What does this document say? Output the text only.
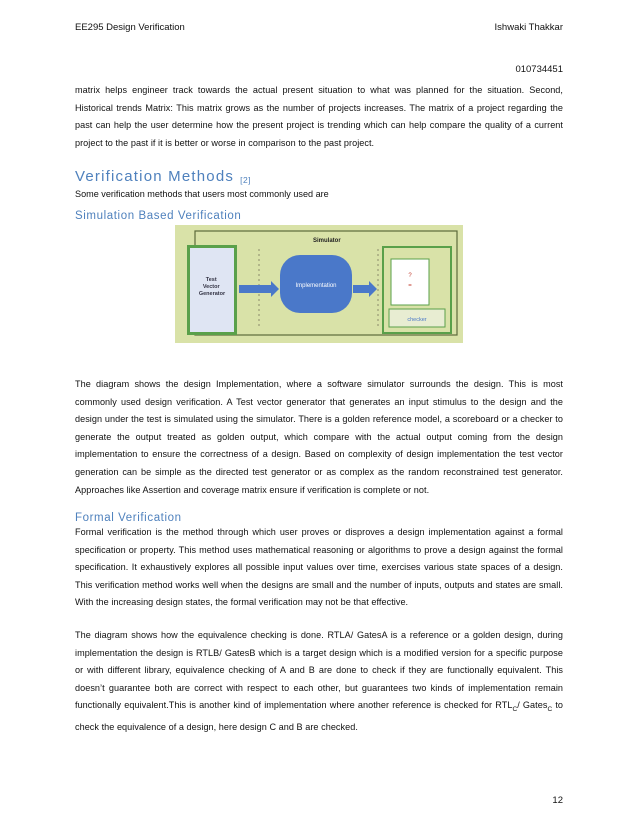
EE295 Design Verification	Ishwaki Thakkar
010734451
matrix helps engineer track towards the actual present situation to what was planned for the situation. Second, Historical trends Matrix: This matrix grows as the number of projects increases. The matrix of a project regarding the past can help the user determine how the present project is trending which can help compare the quality of a current project to the past if it is better or worse in comparison to the past project.
Verification Methods [2]
Some verification methods that users most commonly used are
Simulation Based Verification
Simulator
Test Vector Generator
Implementation
?
=
checker
The diagram shows the design Implementation, where a software simulator surrounds the design. This is most commonly used design verification. A Test vector generator that generates an input stimulus to the design and the design under the test is simulated using the simulator. There is a golden reference model, a scoreboard or a checker to generate the output treated as golden output, which compare with the actual output coming from the design implementation to ensure the correctness of a design. Based on complexity of design implementation the test vector generation can be simple as the directed test generator or as complex as the random reconstrained test generator. Approaches like Assertion and coverage matrix ensure if verification is complete or not.
Formal Verification
Formal verification is the method through which user proves or disproves a design implementation against a formal specification or property. This method uses mathematical reasoning or algorithms to prove a design against the formal specification. It exhaustively explores all possible input values over time, exercises various state spaces of a design. This verification method works well when the designs are small and the number of inputs, outputs and states are small. With the increasing design states, the formal verification may not be that effective.
The diagram shows how the equivalence checking is done. RTLA/ GatesA is a reference or a golden design, during implementation the design is RTLB/ GatesB which is a target design which is a modified version for a specific purpose or with different library, equivalence checking of A and B are done to check if they are functionally equivalent. This doesn’t guarantee both are correct with respect to each other, but guarantees two kinds of implementation remain functionally equivalent.This is another kind of implementation where another reference is checked for $RTL_C/$ Gates$_C$ to check the equivalence of a design, here design C and B are checked.
12
